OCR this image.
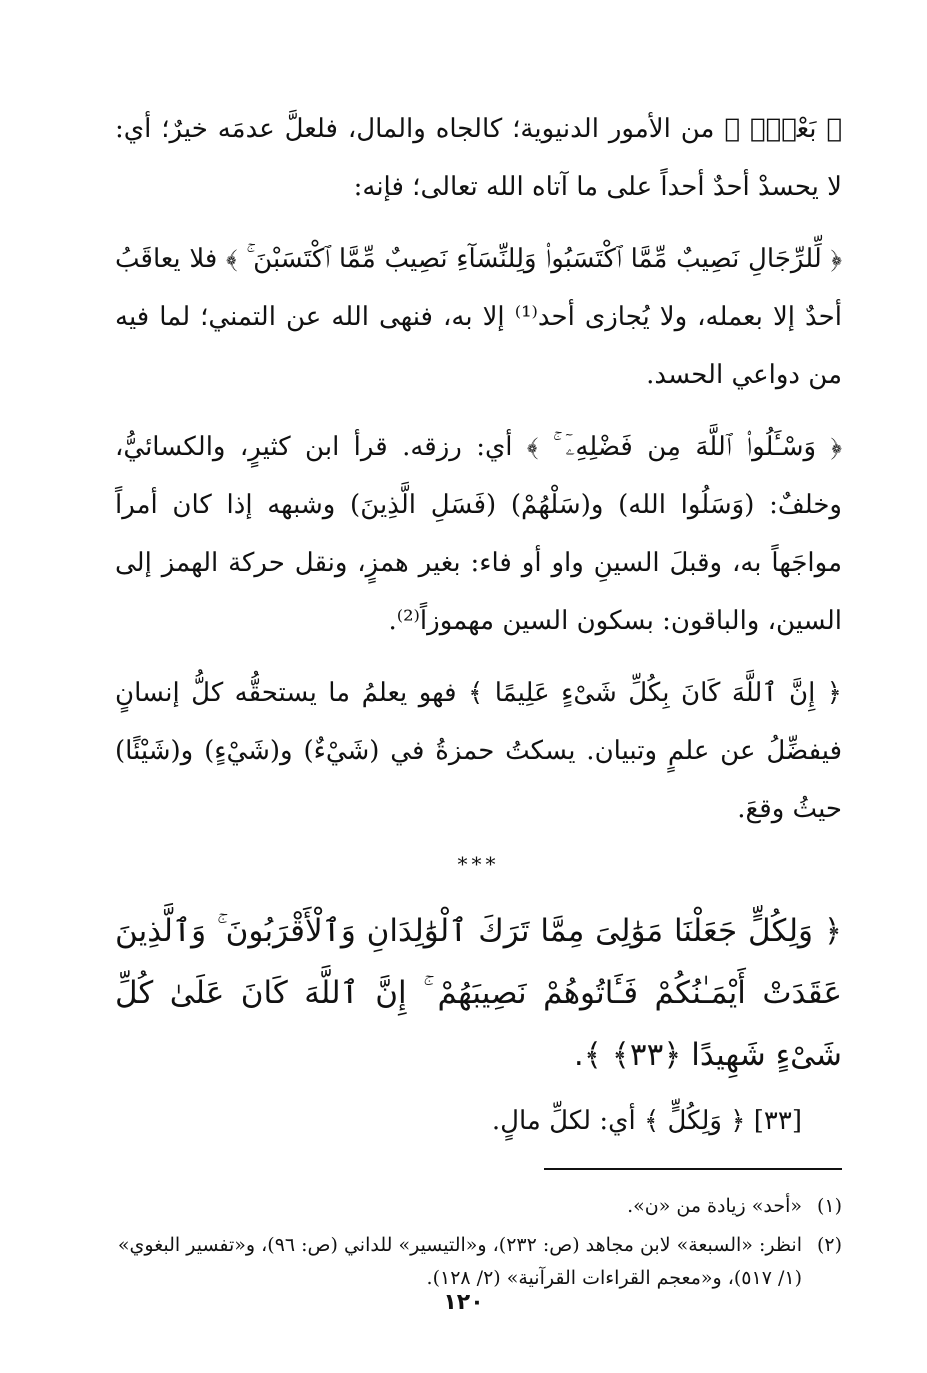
﴿ بَعْضٍۢ ﴾ من الأمور الدنيوية؛ كالجاه والمال، فلعلَّ عدمَه خيرٌ؛ أي: لا يحسدْ أحدٌ أحداً على ما آتاه الله تعالى؛ فإنه:

﴿ لِّلرِّجَالِ نَصِيبٌ مِّمَّا ٱكْتَسَبُوا۟ وَلِلنِّسَآءِ نَصِيبٌ مِّمَّا ٱكْتَسَبْنَ ۚ ﴾ فلا يعاقَبُ أحدٌ إلا بعمله، ولا يُجازى أحد⁽¹⁾ إلا به، فنهى الله عن التمني؛ لما فيه من دواعي الحسد.

﴿ وَسْـَٔلُوا۟ ٱللَّهَ مِن فَضْلِهِۦٓ ۚ ﴾ أي: رزقه. قرأ ابن كثيرٍ، والكسائيُّ، وخلفٌ: (وَسَلُوا الله) و(سَلْهُمْ) (فَسَلِ الَّذِينَ) وشبهه إذا كان أمراً مواجَهاً به، وقبلَ السينِ واو أو فاء: بغير همزٍ، ونقل حركة الهمز إلى السين، والباقون: بسكون السين مهموزاً⁽²⁾.

﴿ إِنَّ ٱللَّهَ كَانَ بِكُلِّ شَىْءٍ عَلِيمًا ﴾ فهو يعلمُ ما يستحقُّه كلُّ إنسانٍ فيفضِّلُ عن علمٍ وتبيان. يسكتُ حمزةُ في (شَيْءٌ) و(شَيْءٍ) و(شَيْئًا) حيثُ وقعَ.

***

﴿ وَلِكُلٍّ جَعَلْنَا مَوَٰلِىَ مِمَّا تَرَكَ ٱلْوَٰلِدَانِ وَٱلْأَقْرَبُونَ ۚ وَٱلَّذِينَ عَقَدَتْ أَيْمَـٰنُكُمْ فَـَٔاتُوهُمْ نَصِيبَهُمْ ۚ إِنَّ ٱللَّهَ كَانَ عَلَىٰ كُلِّ شَىْءٍ شَهِيدًا ﴿٣٣﴾ ﴾.

[٣٣] ﴿ وَلِكُلٍّ ﴾ أي: لكلِّ مالٍ.

(١)
«أحد» زيادة من «ن».
(٢)
انظر: «السبعة» لابن مجاهد (ص: ٢٣٢)، و«التيسير» للداني (ص: ٩٦)، و«تفسير البغوي» (١/ ٥١٧)، و«معجم القراءات القرآنية» (٢/ ١٢٨).
١٢٠
